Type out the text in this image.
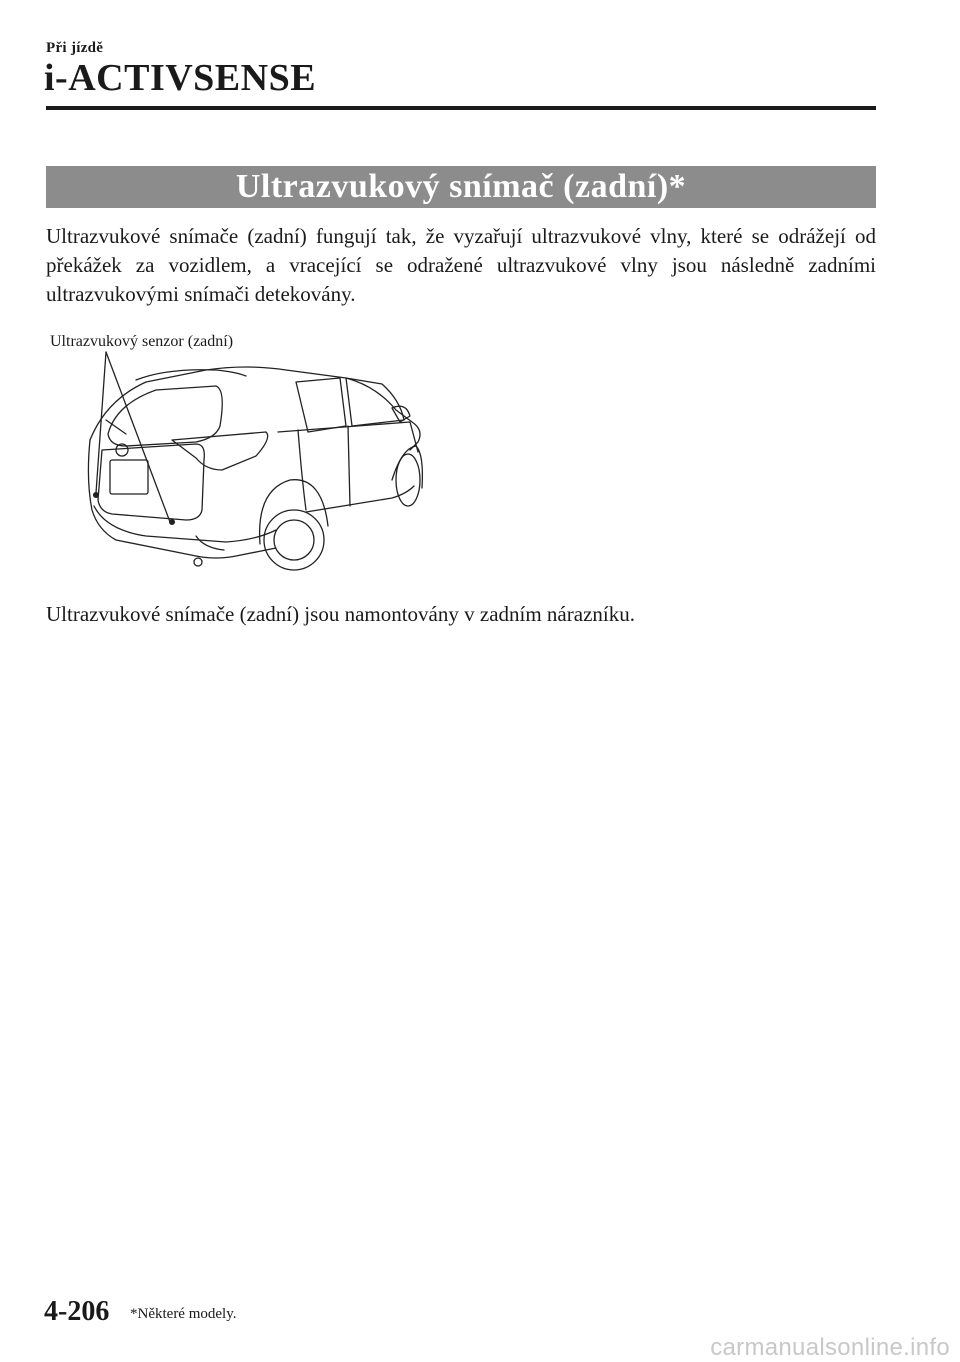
Při jízdě
i-ACTIVSENSE
Ultrazvukový snímač (zadní)*
Ultrazvukové snímače (zadní) fungují tak, že vyzařují ultrazvukové vlny, které se odrážejí od překážek za vozidlem, a vracející se odražené ultrazvukové vlny jsou následně zadními ultrazvukovými snímači detekovány.
Ultrazvukový senzor (zadní)
Ultrazvukové snímače (zadní) jsou namontovány v zadním nárazníku.
4-206 *Některé modely.
carmanualsonline.info
